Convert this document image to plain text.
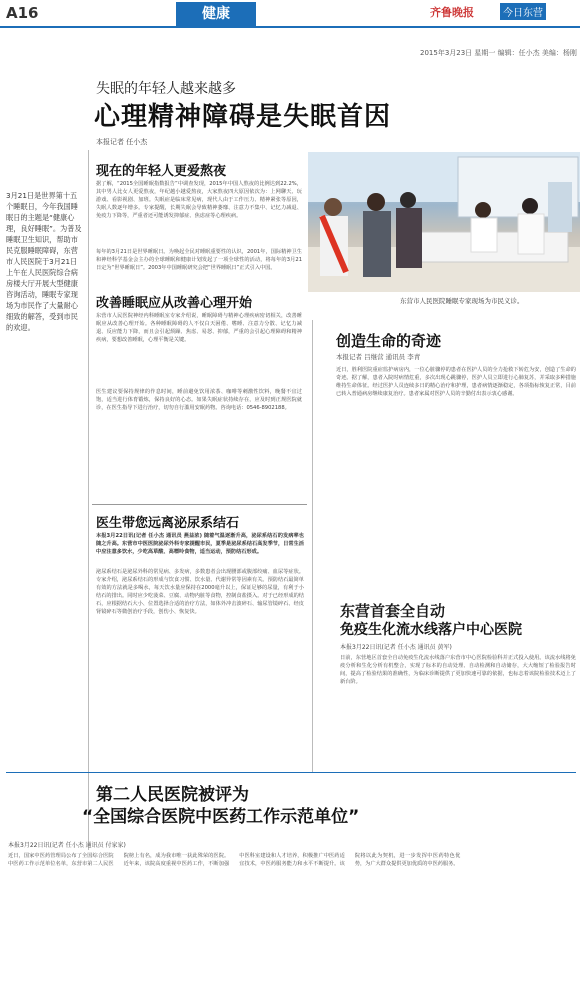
A16	健康	齐鲁晚报	今日东营
2015年3月23日 星期一 编辑：任小杰 美编：杨刚
失眠的年轻人越来越多
心理精神障碍是失眠首因
本报记者 任小杰
3月21日是世界第十五个睡眠日，今年我国睡眠日的主题是“健康心理，良好睡眠”。为普及睡眠卫生知识，帮助市民克服睡眠障碍，东营市人民医院于3月21日上午在人民医院综合病房楼大厅开展大型健康咨询活动，睡眠专家现场为市民作了大量耐心细致的解答，受到市民的欢迎。
现在的年轻人更爱熬夜
据了解，“2015全国睡眠指数报告”中调查发现，2015年中国人熬夜的比例达到22.2%，其中男人比女人更爱熬夜，年纪越小越爱熬夜，大家熬夜四大原因依次为：上网聊天、玩游戏、看影视剧、加班。失眠症是临床常见病，现代人由于工作压力、精神紧张等原因，失眠人数逐年增多。专家提醒，长期失眠会导致精神萎靡、注意力不集中、记忆力减退、免疫力下降等，严重者还可能诱发抑郁症、焦虑症等心理疾病。
每年的3月21日是世界睡眠日。为唤起全民对睡眠重要性的认识，2001年，国际精神卫生和神经科学基金会主办的全球睡眠和健康计划发起了一项全球性的活动，将每年的3月21日定为“世界睡眠日”。2003年中国睡眠研究会把“世界睡眠日”正式引入中国。
东营市人民医院睡眠专家现场为市民义诊。
改善睡眠应从改善心理开始
东营市人民医院神经内科睡眠室专家介绍说，睡眠障碍与精神心理疾病密切相关，改善睡眠应从改善心理开始。各种睡眠障碍的人不仅白天困倦、嗜睡、注意力分散、记忆力减退、反应能力下降，而且会引起烦躁、焦虑、易怒、抑郁，严重的会引起心理障碍和精神疾病，要想改善睡眠，心理平衡是关键。
医生建议要保持规律的作息时间，睡前避免饮用浓茶、咖啡等刺激性饮料，晚餐不宜过饱，适当进行体育锻炼，保持良好的心态。如果失眠症状持续存在，应及时到正规医院就诊，在医生指导下进行治疗，切勿自行滥用安眠药物。咨询电话：0546-8902188。
医生带您远离泌尿系结石
本报3月22日讯(记者 任小杰 通讯员 燕益浓) 随着气温逐渐升高，泌尿系结石的发病率也随之升高。东营市中医医院泌尿外科专家提醒市民，夏季是泌尿系结石高发季节，日常生活中应注意多饮水，少吃高草酸、高嘌呤食物，适当运动，预防结石形成。
泌尿系结石是泌尿外科的常见病、多发病，多数患者会出现腰部或腹部绞痛、血尿等症状。专家介绍，泌尿系结石的形成与饮食习惯、饮水量、代谢异常等因素有关。预防结石最简单有效的方法就是多喝水，每天饮水量应保持在2000毫升以上，保证足够的尿量，有利于小结石的排出。同时应少吃菠菜、豆腐、动物内脏等食物，控制食盐摄入。对于已经形成的结石，应根据结石大小、位置选择合适的治疗方法，如体外冲击波碎石、输尿管镜碎石、经皮肾镜碎石等微创治疗手段，创伤小、恢复快。
创造生命的奇迹
本报记者 吕继营 通讯员 李青
近日，胜利医院重症监护病房内，一位心脏骤停的患者在医护人员的全力抢救下转危为安，创造了生命的奇迹。据了解，患者入院时病情危重，多次出现心跳骤停，医护人员立即进行心肺复苏，并采取多种措施维持生命体征。经过医护人员连续多日的精心治疗和护理，患者病情逐渐稳定，各项指标恢复正常，目前已转入普通病房继续康复治疗。患者家属对医护人员的辛勤付出表示衷心感谢。
东营首套全自动
免疫生化流水线落户中心医院
本报3月22日讯(记者 任小杰 通讯员 黄军)
日前，东营地区首套全自动免疫生化流水线落户东营市中心医院检验科并正式投入使用。该流水线将免疫分析和生化分析有机整合，实现了标本的自动处理、自动检测和自动储存，大大缩短了检验报告时间，提高了检验结果的准确性，为临床诊断提供了更加快速可靠的依据，也标志着该院检验技术迈上了新台阶。
第二人民医院被评为
“全国综合医院中医药工作示范单位”
本报3月22日讯(记者 任小杰 通讯员 付家家)
近日，国家中医药管理局公布了全国综合医院中医药工作示范单位名单，东营市第二人民医院榜上有名，成为我市唯一获此殊荣的医院。近年来，该院高度重视中医药工作，不断加强中医科室建设和人才培养，积极推广中医药适宜技术，中医药服务能力和水平不断提升。该院将以此为契机，进一步发挥中医药特色优势，为广大群众提供更加优质的中医药服务。
